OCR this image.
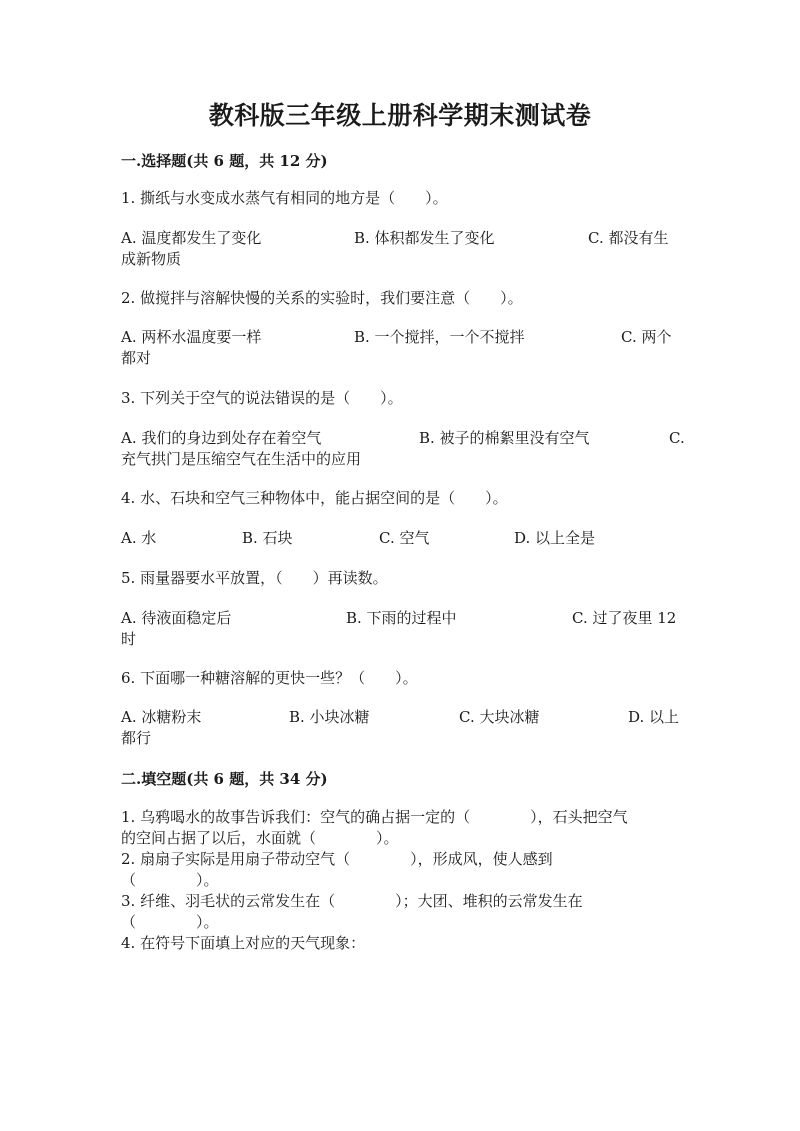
教科版三年级上册科学期末测试卷
一.选择题(共 6 题，共 12 分)
1. 撕纸与水变成水蒸气有相同的地方是（　　）。
A. 温度都发生了变化	B. 体积都发生了变化	C. 都没有生
成新物质
2. 做搅拌与溶解快慢的关系的实验时，我们要注意（　　）。
A. 两杯水温度要一样	B. 一个搅拌，一个不搅拌	C. 两个
都对
3. 下列关于空气的说法错误的是（　　）。
A. 我们的身边到处存在着空气	B. 被子的棉絮里没有空气	C.
充气拱门是压缩空气在生活中的应用
4. 水、石块和空气三种物体中，能占据空间的是（　　）。
A. 水	B. 石块	C. 空气	D. 以上全是
5. 雨量器要水平放置，（　　）再读数。
A. 待液面稳定后	B. 下雨的过程中	C. 过了夜里 12
时
6. 下面哪一种糖溶解的更快一些？（　　）。
A. 冰糖粉末	B. 小块冰糖	C. 大块冰糖	D. 以上
都行
二.填空题(共 6 题，共 34 分)
1. 乌鸦喝水的故事告诉我们：空气的确占据一定的（　　　　），石头把空气
的空间占据了以后，水面就（　　　　）。
2. 扇扇子实际是用扇子带动空气（　　　　），形成风，使人感到
（　　　　）。
3. 纤维、羽毛状的云常发生在（　　　　）；大团、堆积的云常发生在
（　　　　）。
4. 在符号下面填上对应的天气现象：
